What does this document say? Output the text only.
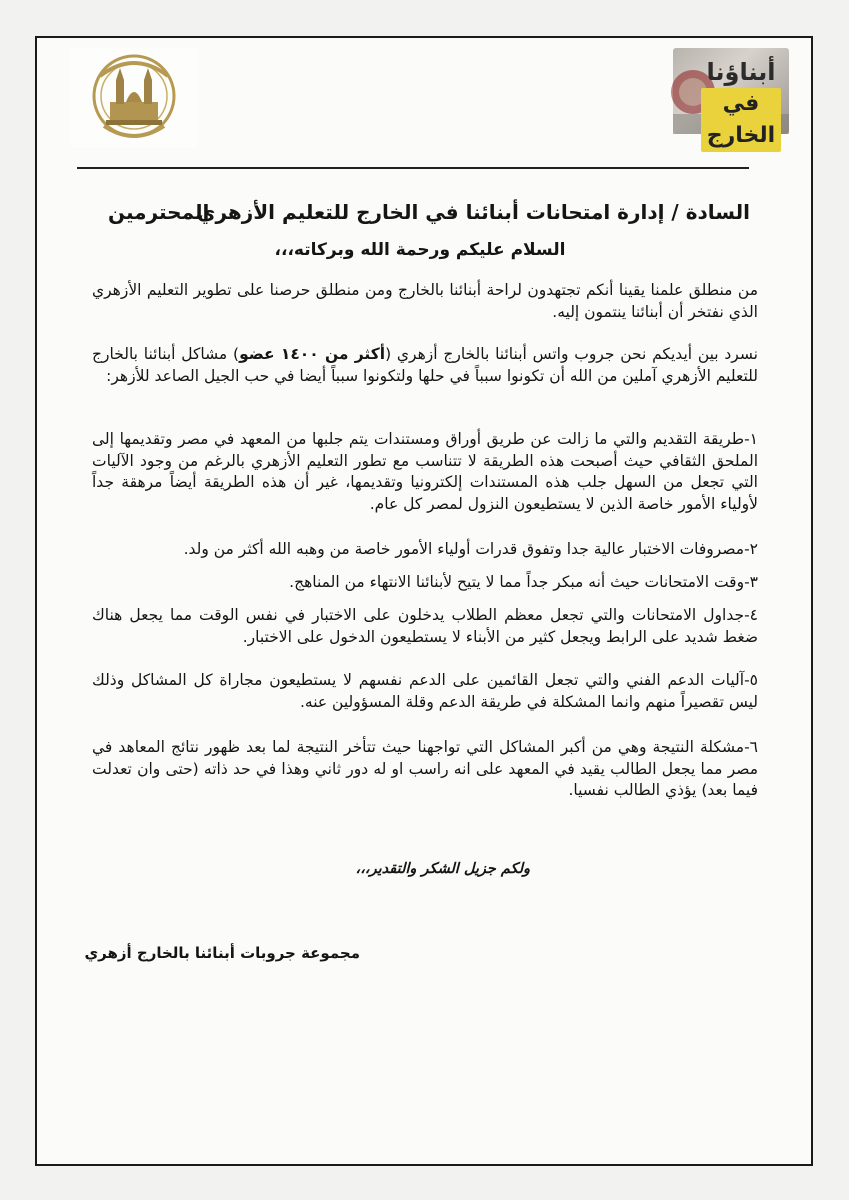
أبناؤنا
في الخارج
السادة / إدارة امتحانات أبنائنا في الخارج للتعليم الأزهري
المحترمين
السلام عليكم ورحمة الله وبركاته،،،
من منطلق علمنا يقينا أنكم تجتهدون لراحة أبنائنا بالخارج ومن منطلق حرصنا على تطوير التعليم الأزهري الذي نفتخر أن أبنائنا ينتمون إليه.
نسرد بين أيديكم نحن جروب واتس أبنائنا بالخارج أزهري (أكثر من ١٤٠٠ عضو) مشاكل أبنائنا بالخارج للتعليم الأزهري آملين من الله أن تكونوا سبباً في حلها ولتكونوا سبباً أيضا في حب الجيل الصاعد للأزهر:
١-طريقة التقديم والتي ما زالت عن طريق أوراق ومستندات يتم جلبها من المعهد في مصر وتقديمها إلى الملحق الثقافي حيث أصبحت هذه الطريقة لا تتناسب مع تطور التعليم الأزهري بالرغم من وجود الآليات التي تجعل من السهل جلب هذه المستندات إلكترونيا وتقديمها، غير أن هذه الطريقة أيضاً مرهقة جداً لأولياء الأمور خاصة الذين لا يستطيعون النزول لمصر كل عام.
٢-مصروفات الاختبار عالية جدا وتفوق قدرات أولياء الأمور خاصة من وهبه الله أكثر من ولد.
٣-وقت الامتحانات حيث أنه مبكر جداً مما لا يتيح لأبنائنا الانتهاء من المناهج.
٤-جداول الامتحانات والتي تجعل معظم الطلاب يدخلون على الاختبار في نفس الوقت مما يجعل هناك ضغط شديد على الرابط ويجعل كثير من الأبناء لا يستطيعون الدخول على الاختبار.
٥-آليات الدعم الفني والتي تجعل القائمين على الدعم نفسهم لا يستطيعون مجاراة كل المشاكل وذلك ليس تقصيراً منهم وانما المشكلة في طريقة الدعم وقلة المسؤولين عنه.
٦-مشكلة النتيجة وهي من أكبر المشاكل التي تواجهنا حيث تتأخر النتيجة لما بعد ظهور نتائج المعاهد في مصر مما يجعل الطالب يقيد في المعهد على انه راسب او له دور ثاني وهذا في حد ذاته (حتى وان تعدلت فيما بعد) يؤذي الطالب نفسيا.
ولكم جزيل الشكر والتقدير،،،
مجموعة جروبات أبنائنا بالخارج أزهري
